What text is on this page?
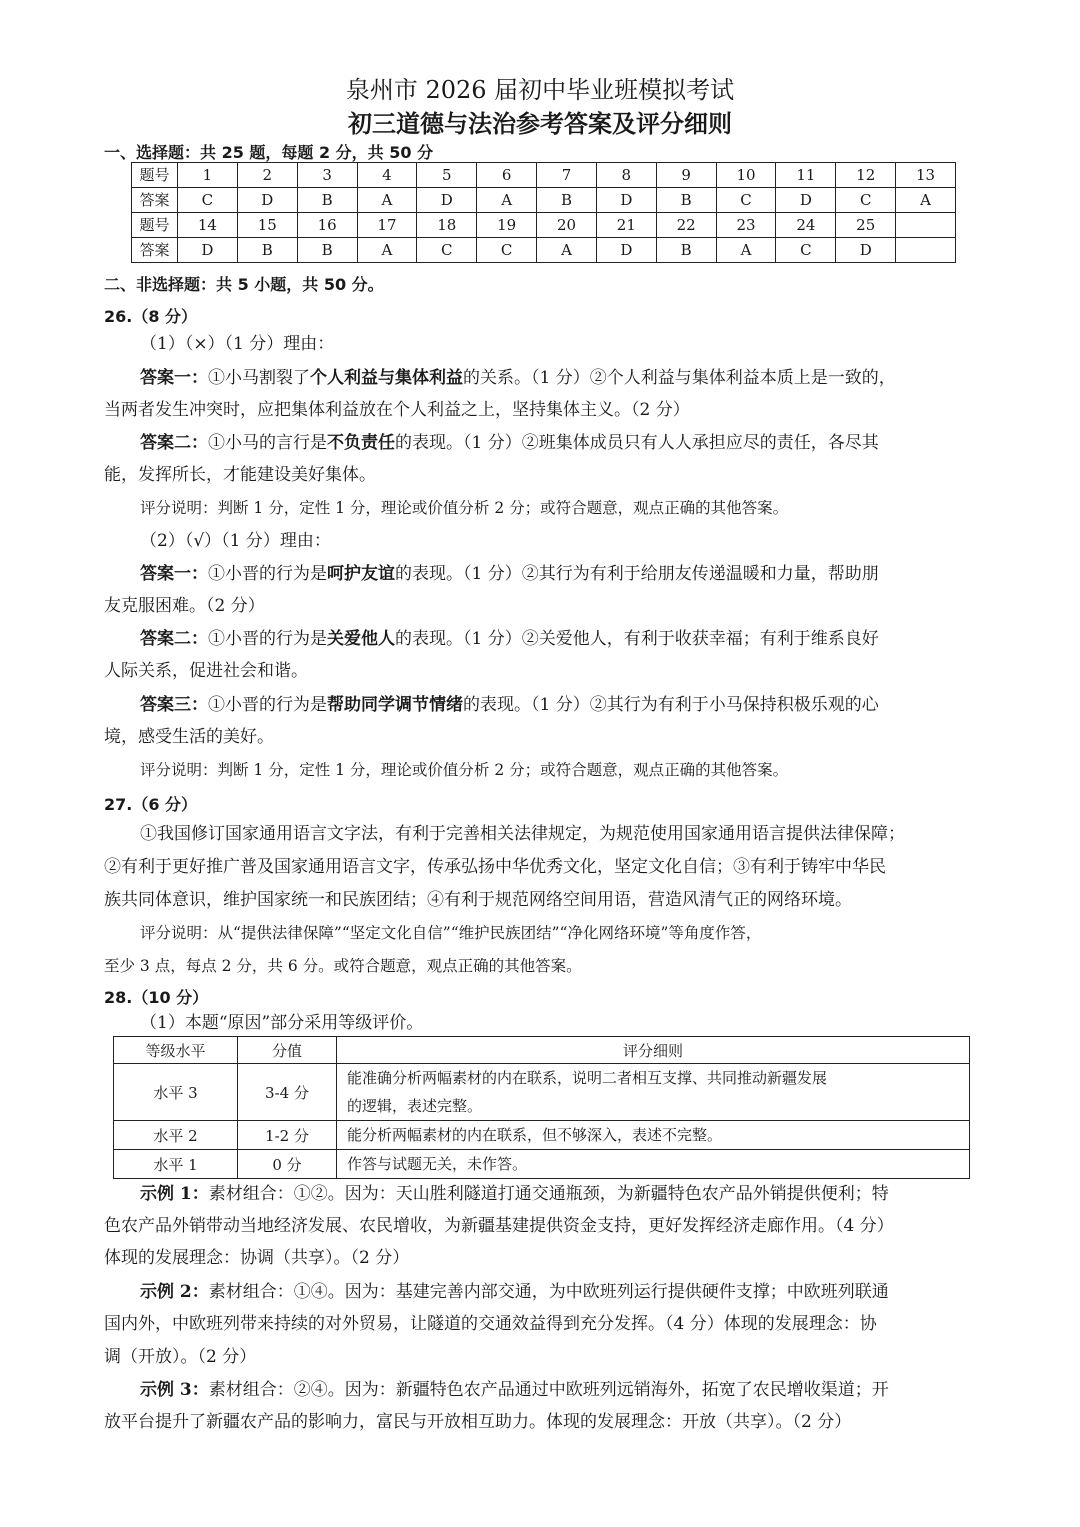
泉州市 2026 届初中毕业班模拟考试
初三道德与法治参考答案及评分细则
一、选择题：共 25 题，每题 2 分，共 50 分
题号	1	2	3	4	5	6	7	8	9	10	11	12	13
答案	C	D	B	A	D	A	B	D	B	C	D	C	A
题号	14	15	16	17	18	19	20	21	22	23	24	25	
答案	D	B	B	A	C	C	A	D	B	A	C	D	
二、非选择题：共 5 小题，共 50 分。
26.（8 分）
（1）（×）（1 分）理由：
答案一：①小马割裂了个人利益与集体利益的关系。（1 分）②个人利益与集体利益本质上是一致的，
当两者发生冲突时，应把集体利益放在个人利益之上，坚持集体主义。（2 分）
答案二：①小马的言行是不负责任的表现。（1 分）②班集体成员只有人人承担应尽的责任，各尽其
能，发挥所长，才能建设美好集体。
评分说明：判断 1 分，定性 1 分，理论或价值分析 2 分；或符合题意，观点正确的其他答案。
（2）（√）（1 分）理由：
答案一：①小晋的行为是呵护友谊的表现。（1 分）②其行为有利于给朋友传递温暖和力量，帮助朋
友克服困难。（2 分）
答案二：①小晋的行为是关爱他人的表现。（1 分）②关爱他人，有利于收获幸福；有利于维系良好
人际关系，促进社会和谐。
答案三：①小晋的行为是帮助同学调节情绪的表现。（1 分）②其行为有利于小马保持积极乐观的心
境，感受生活的美好。
评分说明：判断 1 分，定性 1 分，理论或价值分析 2 分；或符合题意，观点正确的其他答案。
27.（6 分）
①我国修订国家通用语言文字法，有利于完善相关法律规定，为规范使用国家通用语言提供法律保障；
②有利于更好推广普及国家通用语言文字，传承弘扬中华优秀文化，坚定文化自信；③有利于铸牢中华民
族共同体意识，维护国家统一和民族团结；④有利于规范网络空间用语，营造风清气正的网络环境。
评分说明：从“提供法律保障”“坚定文化自信”“维护民族团结”“净化网络环境”等角度作答，
至少 3 点，每点 2 分，共 6 分。或符合题意，观点正确的其他答案。
28.（10 分）
（1）本题“原因”部分采用等级评价。
等级水平	分值	评分细则
水平 3	3-4 分	能准确分析两幅素材的内在联系，说明二者相互支撑、共同推动新疆发展
的逻辑，表述完整。

水平 2	1-2 分	能分析两幅素材的内在联系，但不够深入，表述不完整。
水平 1	0 分	作答与试题无关，未作答。
示例 1：素材组合：①②。因为：天山胜利隧道打通交通瓶颈，为新疆特色农产品外销提供便利；特
色农产品外销带动当地经济发展、农民增收，为新疆基建提供资金支持，更好发挥经济走廊作用。（4 分）
体现的发展理念：协调（共享）。（2 分）
示例 2：素材组合：①④。因为：基建完善内部交通，为中欧班列运行提供硬件支撑；中欧班列联通
国内外，中欧班列带来持续的对外贸易，让隧道的交通效益得到充分发挥。（4 分）体现的发展理念：协
调（开放）。（2 分）
示例 3：素材组合：②④。因为：新疆特色农产品通过中欧班列远销海外，拓宽了农民增收渠道；开
放平台提升了新疆农产品的影响力，富民与开放相互助力。体现的发展理念：开放（共享）。（2 分）
